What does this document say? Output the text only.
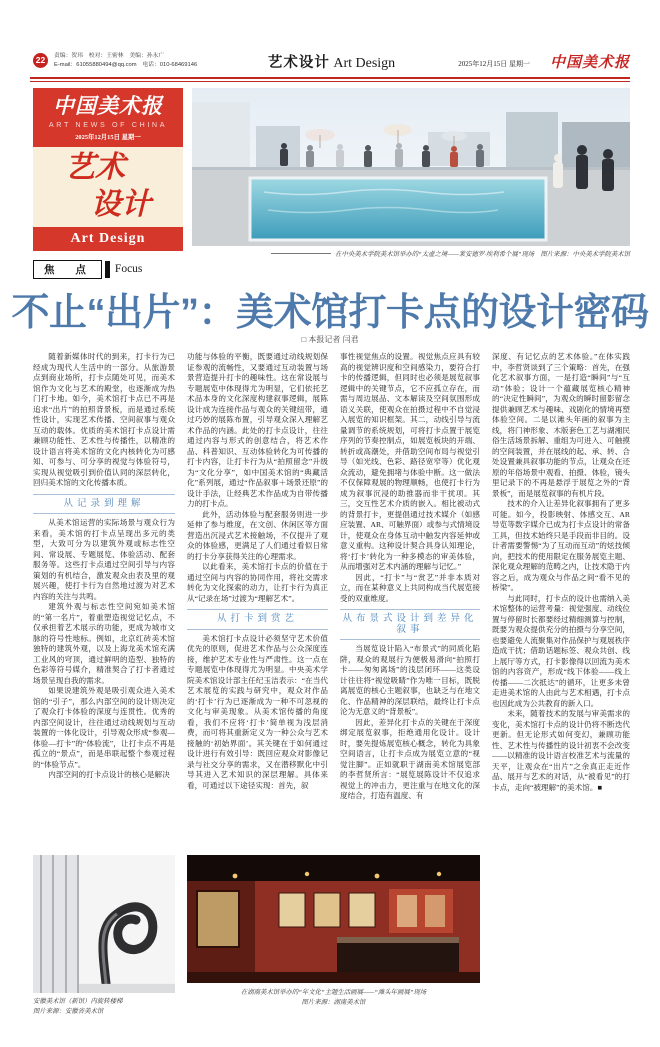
22	责编：贺玮　校对：王密林　美编：孙永广
E-mail：61055880494@qq.com　电话：010-68469146	艺术设计 Art Design	2025年12月15日 星期一 中国美术报
中国美术报
ART NEWS OF CHINA
2025年12月15日 星期一
艺术
设计
Art Design
在中央美术学院美术馆举办的“太虚之境——莱安德罗·埃利希个展”现场　图片来源：中央美术学院美术馆
焦 点	Focus
不止“出片”：美术馆打卡点的设计密码
□ 本报记者 闫君

随着新媒体时代的到来，打卡行为已经成为现代人生活中的一部分。从旅游景点到商业场所，打卡点随处可见，而美术馆作为文化与艺术的殿堂，也逐渐成为热门打卡地。如今，美术馆打卡点已不再是追求“出片”的拍照背景板，而是通过系统性设计，实现艺术传播、空间叙事与观众互动的载体。优质的美术馆打卡点设计需兼顾功能性、艺术性与传播性，以精准的设计语言将美术馆的文化内核转化为可感知、可参与、可分享的视觉与体验符号，实现从视觉吸引到价值认同的深层转化，回归美术馆的文化传播本质。

从记录到理解

从美术馆运营的实际场景与观众行为来看，美术馆的打卡点呈现出多元的类型，大致可分为以建筑外观或标志性空间、常设展、专题展览、体验活动、配套服务等。这些打卡点通过空间引导与内容策划的有机结合，激发观众由表及里的观展兴趣，使打卡行为自然地过渡为对艺术内容的关注与共鸣。

建筑外观与标志性空间宛如美术馆的“第一名片”，着重塑造视觉记忆点，不仅承担着艺术展示的功能，更成为城市文脉的符号性地标。例如，北京红砖美术馆独特的建筑外观，以及上海龙美术馆充满工业风的穹顶，通过鲜明的造型、独特的色彩等符号媒介，精准契合了打卡者通过场景呈现自我的需求。

如果说建筑外观是吸引观众进入美术馆的“引子”，那么内部空间的设计则决定了观众打卡体验的深度与连贯性。优秀的内部空间设计，往往通过动线规划与互动装置的一体化设计，引导观众形成“参观—体验—打卡”的“体验流”，让打卡点不再是孤立的“景点”，而是串联起整个参观过程的“体验节点”。

内部空间的打卡点设计的核心是解决

功能与体验的平衡，既要通过动线规划保证参观的流畅性，又要通过互动装置与场景营造提升打卡的趣味性。这在常设展与专题展览中体现得尤为明显，它们依托艺术品本身的文化深度构建叙事逻辑，展陈设计成为连接作品与观众的关键纽带，通过巧妙的展陈布置，引导观众深入理解艺术作品的内涵。此处的打卡点设计，往往通过内容与形式的创意结合，将艺术作品、科普知识、互动体验转化为可传播的打卡内容，让打卡行为从“拍照留念”升级为“文化分享”，如中国美术馆的“典藏活化”系列展，通过“作品叙事＋场景还原”的设计手法，让经典艺术作品成为自带传播力的打卡点。

此外，活动体验与配套服务则进一步延伸了参与维度，在文创、休闲区等方面营造出沉浸式艺术接触场，不仅提升了观众的体验感，更满足了人们通过看似日常的打卡分享获得关注的心理需求。

以此看来，美术馆打卡点的价值在于通过空间与内容的协同作用，将社交需求转化为文化探索的动力，让打卡行为真正从“记录在场”过渡为“理解艺术”。

从打卡到赏艺

美术馆打卡点设计必须坚守艺术价值优先的原则，促进艺术作品与公众深度连接，维护艺术专业性与严肃性。这一点在专题展览中体现得尤为明显。中央美术学院美术馆设计部主任纪玉洁表示：“在当代艺术展览的实践与研究中，观众对作品的‘打卡’行为已逐渐成为一种不可忽视的文化与审美现象。从美术馆传播的角度看，我们不应将‘打卡’简单视为浅层消费，而可将其重新定义为一种公众与艺术接触的‘初始界面’。其关键在于如何通过设计进行有效引导：既回应观众对影像记录与社交分享的需求，又在潜移默化中引导其进入艺术知识的深层理解。具体来看，可通过以下途径实现：首先，叙

事性视觉焦点的设置。视觉焦点应具有较高的视觉辨识度和空间感染力，要符合打卡的传播逻辑，但同时也必须是展览叙事逻辑中的关键节点，它不应孤立存在，而需与周边展品、文本解读及空间氛围形成语义关联，使观众在拍摄过程中不自觉浸入展览的知识框架。其二，动线引导与流量调节的系统规划，可将打卡点置于展览序列的节奏控制点，如展览板块的开端、转折或高潮处，并借助空间布局与视觉引导（如光线、色彩、路径宽窄等）优化观众流动，避免拥堵与体验中断。这一做法不仅保障观展的物理顺畅，也使打卡行为成为叙事沉浸的助推器而非干扰项。其三，交互性艺术介质的嵌入。相比被动式的背景打卡，更提倡通过技术媒介（如感应装置、AR、可触界面）或参与式情境设计，使观众在身体互动中触发内容延伸或意义重构。这种设计契合具身认知理论，将‘打卡’转化为一种多模态的审美体验，从而增强对艺术内涵的理解与记忆。”

因此，“打卡”与“赏艺”并非本质对立，而在某种意义上共同构成当代展览接受的双重维度。

从布景式设计到差异化叙事

当展览设计陷入“布景式”的同质化陷阱，观众的观展行为便极易滑向“拍照打卡——匆匆离场”的浅层闭环——这类设计往往将“视觉吸睛”作为唯一目标，既脱离展览的核心主题叙事，也缺乏与在地文化、作品精神的深层联结，最终让打卡点沦为无意义的“背景板”。

因此，差异化打卡点的关键在于深度绑定展览叙事，拒绝通用化设计。设计时，要先提炼展览核心概念，转化为具象空间语言，让打卡点成为展览立意的“视觉注脚”。正如就职于湖南美术馆展览部的李哲贤所言：“展览展陈设计不仅追求视觉上的冲击力，更注重与在地文化的深度结合，打造有温度、有

深度、有记忆点的艺术体验。”在体实践中，李哲贤谈到了三个策略：首先，在强化艺术叙事方面，一是打造“瞬间”与“互动”体验；设计一个蕴藏展览核心精神的“决定性瞬间”，为观众的瞬时留影留念提供兼顾艺术与趣味、戏剧化的情境再塑体验空间。二是以滩头年画的叙事为主线，将门神形象、木版套色工艺与湖湘民俗生活场景拆解、重组为可进入、可触摸的空间装置，并在展线的起、承、转、合处设置兼具叙事功能的节点，让观众在还原的年俗场景中观看、拍摄、体验，镜头里记录下的不再是悬浮于展览之外的“背景板”，而是展览叙事的有机片段。

技术的介入让差异化叙事拥有了更多可能。如今，投影映射、体感交互、AR导览等数字媒介已成为打卡点设计的常备工具，但技术始终只是手段而非目的。设计者需要警惕“为了互动而互动”的炫技倾向，把技术的使用限定在服务展览主题、深化观众理解的范畴之内，让技术隐于内容之后，成为观众与作品之间“看不见的桥梁”。

与此同时，打卡点的设计也需纳入美术馆整体的运营考量：视觉强度、动线位置与停留时长都要经过精细测算与控制，既要为观众提供充分的拍摄与分享空间，也要避免人流聚集对作品保护与观展秩序造成干扰；借助话题标签、观众共创、线上展厅等方式，打卡影像得以回流为美术馆的内容资产，形成“线下体验——线上传播——二次抵达”的循环，让更多未曾走进美术馆的人由此与艺术相遇，打卡点也因此成为公共教育的新入口。

未来，随着技术的发展与审美需求的变化，美术馆打卡点的设计仍将不断迭代更新。但无论形式如何变幻，兼顾功能性、艺术性与传播性的设计初衷不会改变——以精准的设计语言校准艺术与流量的天平，让观众在“出片”之余真正走近作品、展开与艺术的对话，从“被看见”的打卡点，走向“被理解”的美术馆。■

安徽美术馆（新馆）内旋转楼梯
图片来源：安徽省美术馆
在湖南美术馆举办的“年文化”主题生活画展——“滩头年画展”现场
图片来源：湖南美术馆
